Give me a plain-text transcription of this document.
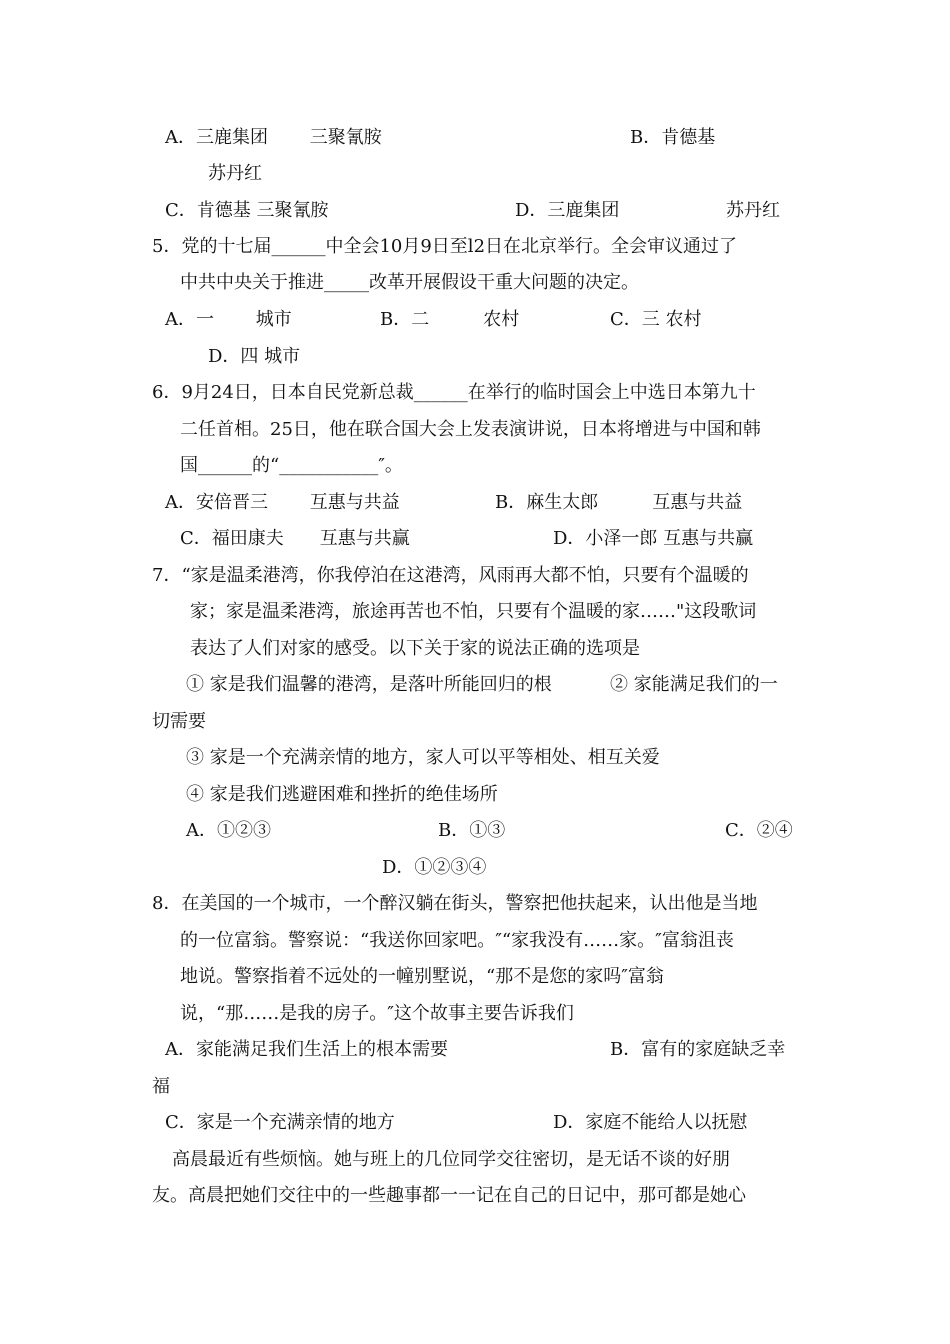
A．三鹿集团　　 三聚氰胺	B．肯德基
苏丹红
C．肯德基 三聚氰胺	D．三鹿集团	苏丹红
5．党的十七届______中全会10月9日至l2日在北京举行。全会审议通过了
中共中央关于推进_____改革开展假设干重大问题的决定。
A．一　　 城市	B．二　　　农村	C．三 农村
D．四 城市
6．9月24日，日本自民党新总裁______在举行的临时国会上中选日本第九十
二任首相。25日，他在联合国大会上发表演讲说，日本将增进与中国和韩
国______的“___________″。
A．安倍晋三　　 互惠与共益	B．麻生太郎　　　互惠与共益
C．福田康夫　　互惠与共赢	D．小泽一郎 互惠与共赢
7．“家是温柔港湾，你我停泊在这港湾，风雨再大都不怕，只要有个温暖的
家；家是温柔港湾，旅途再苦也不怕，只要有个温暖的家……"这段歌词
表达了人们对家的感受。以下关于家的说法正确的选项是
① 家是我们温馨的港湾，是落叶所能回归的根	② 家能满足我们的一
切需要
③ 家是一个充满亲情的地方，家人可以平等相处、相互关爱
④ 家是我们逃避困难和挫折的绝佳场所
A．①②③	B．①③	C．②④
D．①②③④
8．在美国的一个城市，一个醉汉躺在街头，警察把他扶起来，认出他是当地
的一位富翁。警察说：“我送你回家吧。″“家我没有……家。″富翁沮丧
地说。警察指着不远处的一幢别墅说，“那不是您的家吗″富翁
说，“那……是我的房子。″这个故事主要告诉我们
A．家能满足我们生活上的根本需要	B．富有的家庭缺乏幸
福
C．家是一个充满亲情的地方	D．家庭不能给人以抚慰
高晨最近有些烦恼。她与班上的几位同学交往密切，是无话不谈的好朋
友。高晨把她们交往中的一些趣事都一一记在自己的日记中，那可都是她心
